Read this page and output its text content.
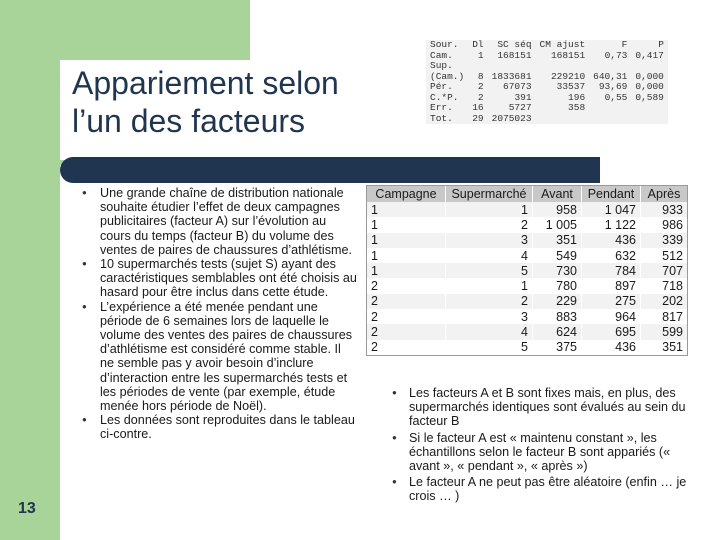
Appariement selon
l’un des facteurs
Sour.	Dl	SC séq	CM ajust	F	P
Cam.	1	168151	168151	0,73	0,417
Sup.					
(Cam.)	8	1833681	229210	640,31	0,000
Pér.	2	67073	33537	93,69	0,000
C.*P.	2	391	196	0,55	0,589
Err.	16	5727	358		
Tot.	29	2075023			
● Une grande chaîne de distribution nationale souhaite étudier l’effet de deux campagnes publicitaires (facteur A) sur l’évolution au cours du temps (facteur B) du volume des ventes de paires de chaussures d’athlétisme.
● 10 supermarchés tests (sujet S) ayant des caractéristiques semblables ont été choisis au hasard pour être inclus dans cette étude.
● L’expérience a été menée pendant une période de 6 semaines lors de laquelle le volume des ventes des paires de chaussures d’athlétisme est considéré comme stable. Il ne semble pas y avoir besoin d’inclure d’interaction entre les supermarchés tests et les périodes de vente (par exemple, étude menée hors période de Noël).
● Les données sont reproduites dans le tableau ci-contre.
Campagne	Supermarché	Avant	Pendant	Après
1	1	958	1 047	933
1	2	1 005	1 122	986
1	3	351	436	339
1	4	549	632	512
1	5	730	784	707
2	1	780	897	718
2	2	229	275	202
2	3	883	964	817
2	4	624	695	599
2	5	375	436	351
● Les facteurs A et B sont fixes mais, en plus, des supermarchés identiques sont évalués au sein du facteur B
● Si le facteur A est « maintenu constant », les échantillons selon le facteur B sont appariés (« avant », « pendant », « après »)
● Le facteur A ne peut pas être aléatoire (enfin … je crois … )
13
